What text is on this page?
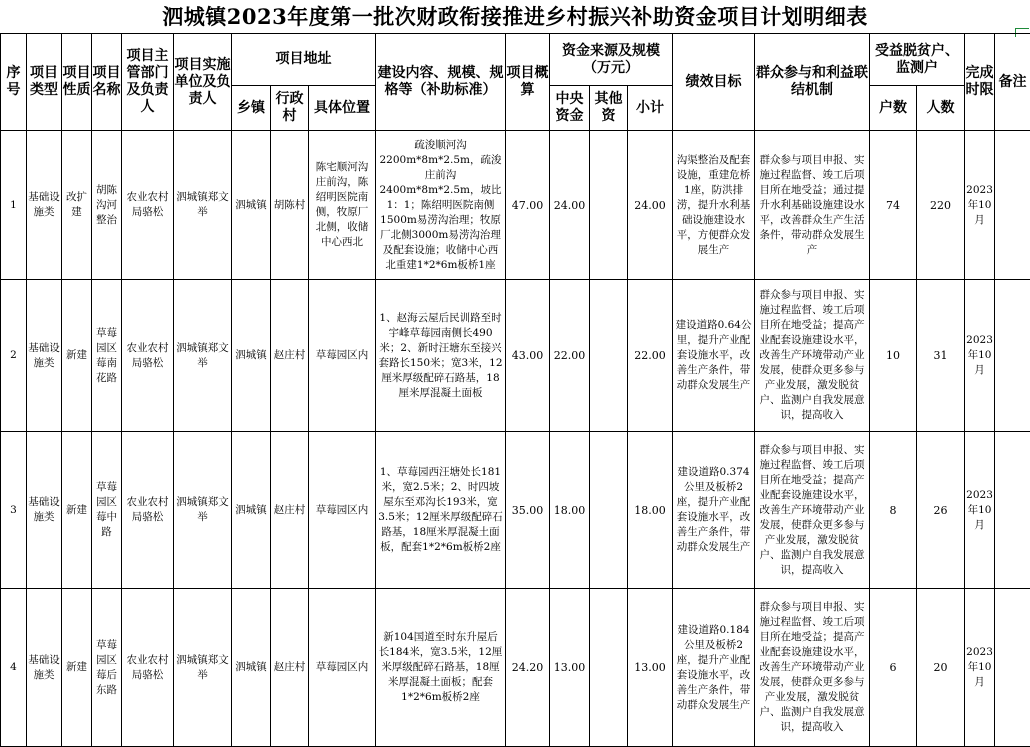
泗城镇2023年度第一批次财政衔接推进乡村振兴补助资金项目计划明细表
序号	项目类型	项目性质	项目名称	项目主管部门及负责人	项目实施单位及负责人	项目地址			建设内容、规模、规格等（补助标准）	项目概算	资金来源及规模（万元）			绩效目标	群众参与和利益联结机制	受益脱贫户、监测户		完成时限	备注
						乡镇	行政村	具体位置			中央资金	其他资	小计			户数	人数		
1	基础设施类	改扩建	胡陈沟河整治	农业农村局骆松	泗城镇郑文举	泗城镇	胡陈村	陈宅顺河沟庄前沟，陈绍明医院南侧，牧原厂北侧，收储中心西北	疏浚顺河沟2200m*8m*2.5m，疏浚庄前沟2400m*8m*2.5m，坡比1：1；陈绍明医院南侧1500m易涝沟治理；牧原厂北侧3000m易涝沟治理及配套设施；收储中心西北重建1*2*6m板桥1座	47.00	24.00		24.00	沟渠整治及配套设施，重建危桥1座，防洪排涝，提升水利基础设施建设水平，方便群众发展生产	群众参与项目申报、实施过程监督、竣工后项目所在地受益；通过提升水利基础设施建设水平，改善群众生产生活条件，带动群众发展生产	74	220	2023年10月	
2	基础设施类	新建	草莓园区莓南花路	农业农村局骆松	泗城镇郑文举	泗城镇	赵庄村	草莓园区内	1、赵海云屋后民训路至时宇峰草莓园南侧长490米；2、新时汪塘东至接兴套路长150米；宽3米，12厘米厚级配碎石路基，18厘米厚混凝土面板	43.00	22.00		22.00	建设道路0.64公里，提升产业配套设施水平，改善生产条件，带动群众发展生产	群众参与项目申报、实施过程监督、竣工后项目所在地受益；提高产业配套设施建设水平，改善生产环境带动产业发展，使群众更多参与产业发展，激发脱贫户、监测户自我发展意识，提高收入	10	31	2023年10月	
3	基础设施类	新建	草莓园区莓中路	农业农村局骆松	泗城镇郑文举	泗城镇	赵庄村	草莓园区内	1、草莓园西汪塘处长181米，宽2.5米；2、时四坡屋东至邓沟长193米，宽3.5米；12厘米厚级配碎石路基，18厘米厚混凝土面板，配套1*2*6m板桥2座	35.00	18.00		18.00	建设道路0.374公里及板桥2座，提升产业配套设施水平，改善生产条件，带动群众发展生产	群众参与项目申报、实施过程监督、竣工后项目所在地受益；提高产业配套设施建设水平，改善生产环境带动产业发展，使群众更多参与产业发展，激发脱贫户、监测户自我发展意识，提高收入	8	26	2023年10月	
4	基础设施类	新建	草莓园区莓后东路	农业农村局骆松	泗城镇郑文举	泗城镇	赵庄村	草莓园区内	新104国道至时东升屋后长184米，宽3.5米，12厘米厚级配碎石路基，18厘米厚混凝土面板；配套1*2*6m板桥2座	24.20	13.00		13.00	建设道路0.184公里及板桥2座，提升产业配套设施水平，改善生产条件，带动群众发展生产	群众参与项目申报、实施过程监督、竣工后项目所在地受益；提高产业配套设施建设水平，改善生产环境带动产业发展，使群众更多参与产业发展，激发脱贫户、监测户自我发展意识，提高收入	6	20	2023年10月	
